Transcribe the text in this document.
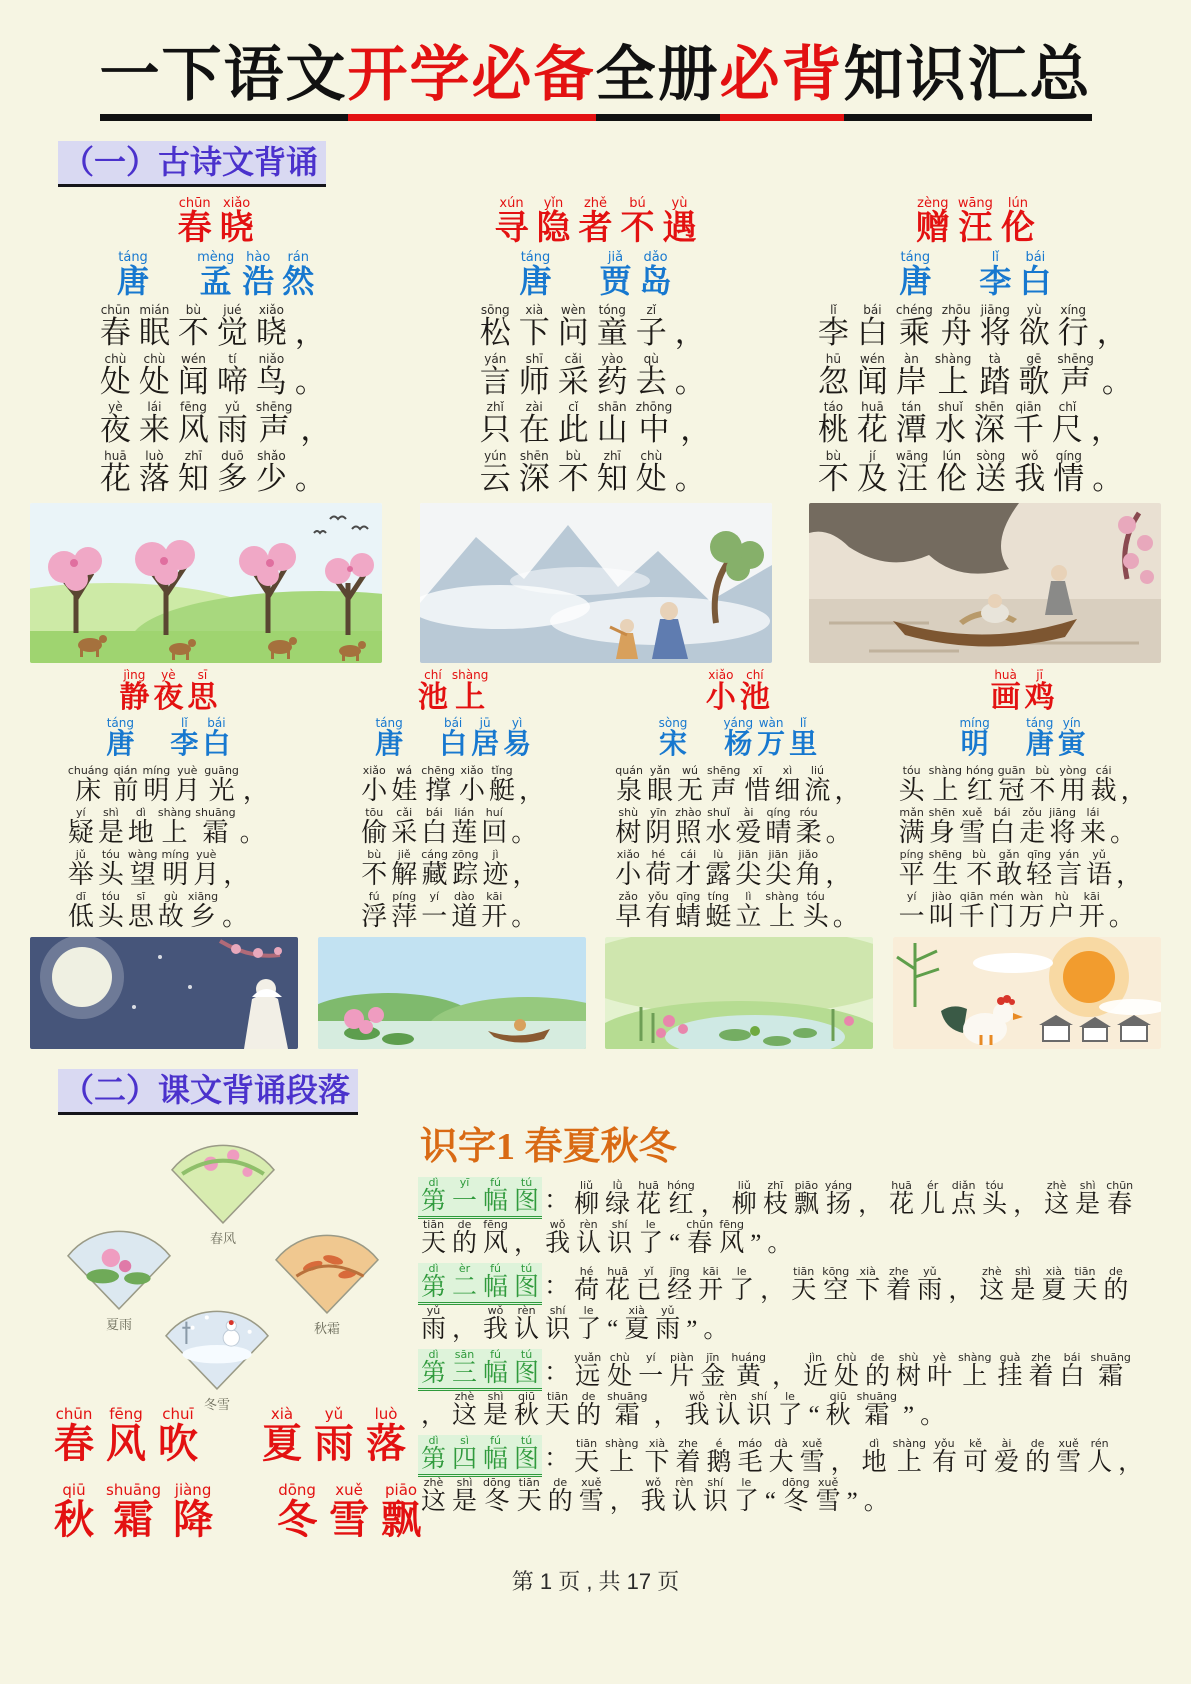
一下语文开学必备全册必背知识汇总
（一）古诗文背诵
chūn
春
xiǎo
晓
táng
唐

mèng
孟
hào
浩
rán
然
chūn
春
mián
眠
bù
不
jué
觉
xiǎo
晓
，
chù
处
chù
处
wén
闻
tí
啼
niǎo
鸟
。
yè
夜
lái
来
fēng
风
yǔ
雨
shēng
声
，
huā
花
luò
落
zhī
知
duō
多
shǎo
少
。
xún
寻
yǐn
隐
zhě
者
bú
不
yù
遇
táng
唐

jiǎ
贾
dǎo
岛
sōng
松
xià
下
wèn
问
tóng
童
zǐ
子
，
yán
言
shī
师
cǎi
采
yào
药
qù
去
。
zhǐ
只
zài
在
cǐ
此
shān
山
zhōng
中
，
yún
云
shēn
深
bù
不
zhī
知
chù
处
。
zèng
赠
wāng
汪
lún
伦
táng
唐

lǐ
李
bái
白
lǐ
李
bái
白
chéng
乘
zhōu
舟
jiāng
将
yù
欲
xíng
行
，
hū
忽
wén
闻
àn
岸
shàng
上
tà
踏
gē
歌
shēng
声
。
táo
桃
huā
花
tán
潭
shuǐ
水
shēn
深
qiān
千
chǐ
尺
，
bù
不
jí
及
wāng
汪
lún
伦
sòng
送
wǒ
我
qíng
情
。
jìng
静
yè
夜
sī
思
táng
唐

lǐ
李
bái
白
chuáng
床
qián
前
míng
明
yuè
月
guāng
光
，
yí
疑
shì
是
dì
地
shàng
上
shuāng
霜
。
jǔ
举
tóu
头
wàng
望
míng
明
yuè
月
，
dī
低
tóu
头
sī
思
gù
故
xiāng
乡
。
chí
池
shàng
上
táng
唐

bái
白
jū
居
yì
易
xiǎo
小
wá
娃
chēng
撑
xiǎo
小
tǐng
艇
，
tōu
偷
cǎi
采
bái
白
lián
莲
huí
回
。
bù
不
jiě
解
cáng
藏
zōng
踪
jì
迹
，
fú
浮
píng
萍
yí
一
dào
道
kāi
开
。
xiǎo
小
chí
池
sòng
宋

yáng
杨
wàn
万
lǐ
里
quán
泉
yǎn
眼
wú
无
shēng
声
xī
惜
xì
细
liú
流
，
shù
树
yīn
阴
zhào
照
shuǐ
水
ài
爱
qíng
晴
róu
柔
。
xiǎo
小
hé
荷
cái
才
lù
露
jiān
尖
jiān
尖
jiǎo
角
，
zǎo
早
yǒu
有
qīng
蜻
tíng
蜓
lì
立
shàng
上
tóu
头
。
huà
画
jī
鸡
míng
明

táng
唐
yín
寅
tóu
头
shàng
上
hóng
红
guān
冠
bù
不
yòng
用
cái
裁
，
mǎn
满
shēn
身
xuě
雪
bái
白
zǒu
走
jiāng
将
lái
来
。
píng
平
shēng
生
bù
不
gǎn
敢
qīng
轻
yán
言
yǔ
语
，
yí
一
jiào
叫
qiān
千
mén
门
wàn
万
hù
户
kāi
开
。
（二）课文背诵段落
春风
夏雨	秋霜
冬雪
chūn
春
fēng
风
chuī
吹

xià
夏
yǔ
雨
luò
落
qiū
秋
shuāng
霜
jiàng
降

dōng
冬
xuě
雪
piāo
飘
识字1 春夏秋冬
dì
第
yī
一
fú
幅
tú
图 ：
liǔ
柳
lǜ
绿
huā
花
hóng
红
，
liǔ
柳
zhī
枝
piāo
飘
yáng
扬
，
huā
花
ér
儿
diǎn
点
tóu
头
，
zhè
这
shì
是
chūn
春
tiān
天
de
的
fēng
风
，
wǒ
我
rèn
认
shí
识
le
了
“
chūn
春
fēng
风
”
。
dì
第
èr
二
fú
幅
tú
图 ：
hé
荷
huā
花
yǐ
已
jīng
经
kāi
开
le
了
，
tiān
天
kōng
空
xià
下
zhe
着
yǔ
雨
，
zhè
这
shì
是
xià
夏
tiān
天
de
的
yǔ
雨
，
wǒ
我
rèn
认
shí
识
le
了
“
xià
夏
yǔ
雨
”
。
dì
第
sān
三
fú
幅
tú
图 ：
yuǎn
远
chù
处
yí
一
piàn
片
jīn
金
huáng
黄
，
jìn
近
chù
处
de
的
shù
树
yè
叶
shàng
上
guà
挂
zhe
着
bái
白
shuāng
霜

，
zhè
这
shì
是
qiū
秋
tiān
天
de
的
shuāng
霜
，
wǒ
我
rèn
认
shí
识
le
了
“
qiū
秋
shuāng
霜
”
。
dì
第
sì
四
fú
幅
tú
图 ：
tiān
天
shàng
上
xià
下
zhe
着
é
鹅
máo
毛
dà
大
xuě
雪
，
dì
地
shàng
上
yǒu
有
kě
可
ài
爱
de
的
xuě
雪
rén
人
，
zhè
这
shì
是
dōng
冬
tiān
天
de
的
xuě
雪
，
wǒ
我
rèn
认
shí
识
le
了
“
dōng
冬
xuě
雪
”
。
第 1 页 , 共 17 页
